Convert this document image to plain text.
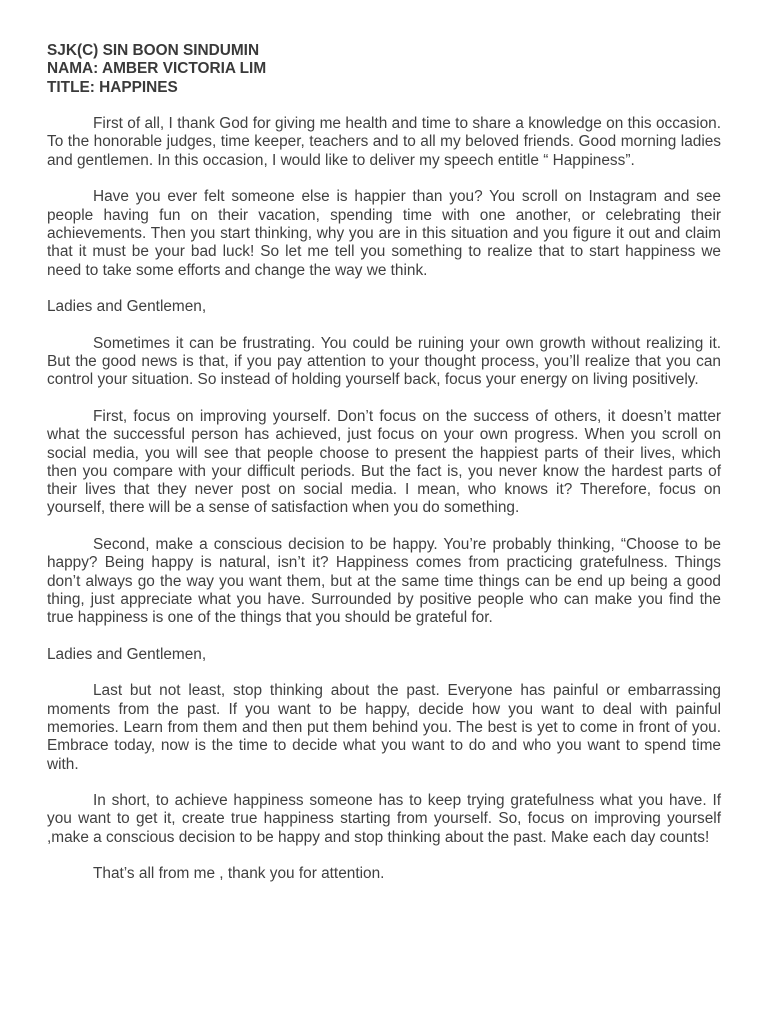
SJK(C) SIN BOON SINDUMIN

NAMA: AMBER VICTORIA LIM

TITLE: HAPPINES

First of all, I thank God for giving me health and time to share a knowledge on this occasion. To the honorable judges, time keeper, teachers and to all my beloved friends. Good morning ladies and gentlemen. In this occasion, I would like to deliver my speech entitle “ Happiness”.

Have you ever felt someone else is happier than you? You scroll on Instagram and see people having fun on their vacation, spending time with one another, or celebrating their achievements. Then you start thinking, why you are in this situation and you figure it out and claim that it must be your bad luck! So let me tell you something to realize that to start happiness we need to take some efforts and change the way we think.

Ladies and Gentlemen,

Sometimes it can be frustrating. You could be ruining your own growth without realizing it. But the good news is that, if you pay attention to your thought process, you’ll realize that you can control your situation. So instead of holding yourself back, focus your energy on living positively.

First, focus on improving yourself. Don’t focus on the success of others, it doesn’t matter what the successful person has achieved, just focus on your own progress. When you scroll on social media, you will see that people choose to present the happiest parts of their lives, which then you compare with your difficult periods. But the fact is, you never know the hardest parts of their lives that they never post on social media. I mean, who knows it? Therefore, focus on yourself, there will be a sense of satisfaction when you do something.

Second, make a conscious decision to be happy. You’re probably thinking, “Choose to be happy? Being happy is natural, isn’t it? Happiness comes from practicing gratefulness. Things don’t always go the way you want them, but at the same time things can be end up being a good thing, just appreciate what you have. Surrounded by positive people who can make you find the true happiness is one of the things that you should be grateful for.

Ladies and Gentlemen,

Last but not least, stop thinking about the past. Everyone has painful or embarrassing moments from the past. If you want to be happy, decide how you want to deal with painful memories. Learn from them and then put them behind you. The best is yet to come in front of you. Embrace today, now is the time to decide what you want to do and who you want to spend time with.

In short, to achieve happiness someone has to keep trying gratefulness what you have. If you want to get it, create true happiness starting from yourself. So, focus on improving yourself ,make a conscious decision to be happy and stop thinking about the past. Make each day counts!

That’s all from me , thank you for attention.
